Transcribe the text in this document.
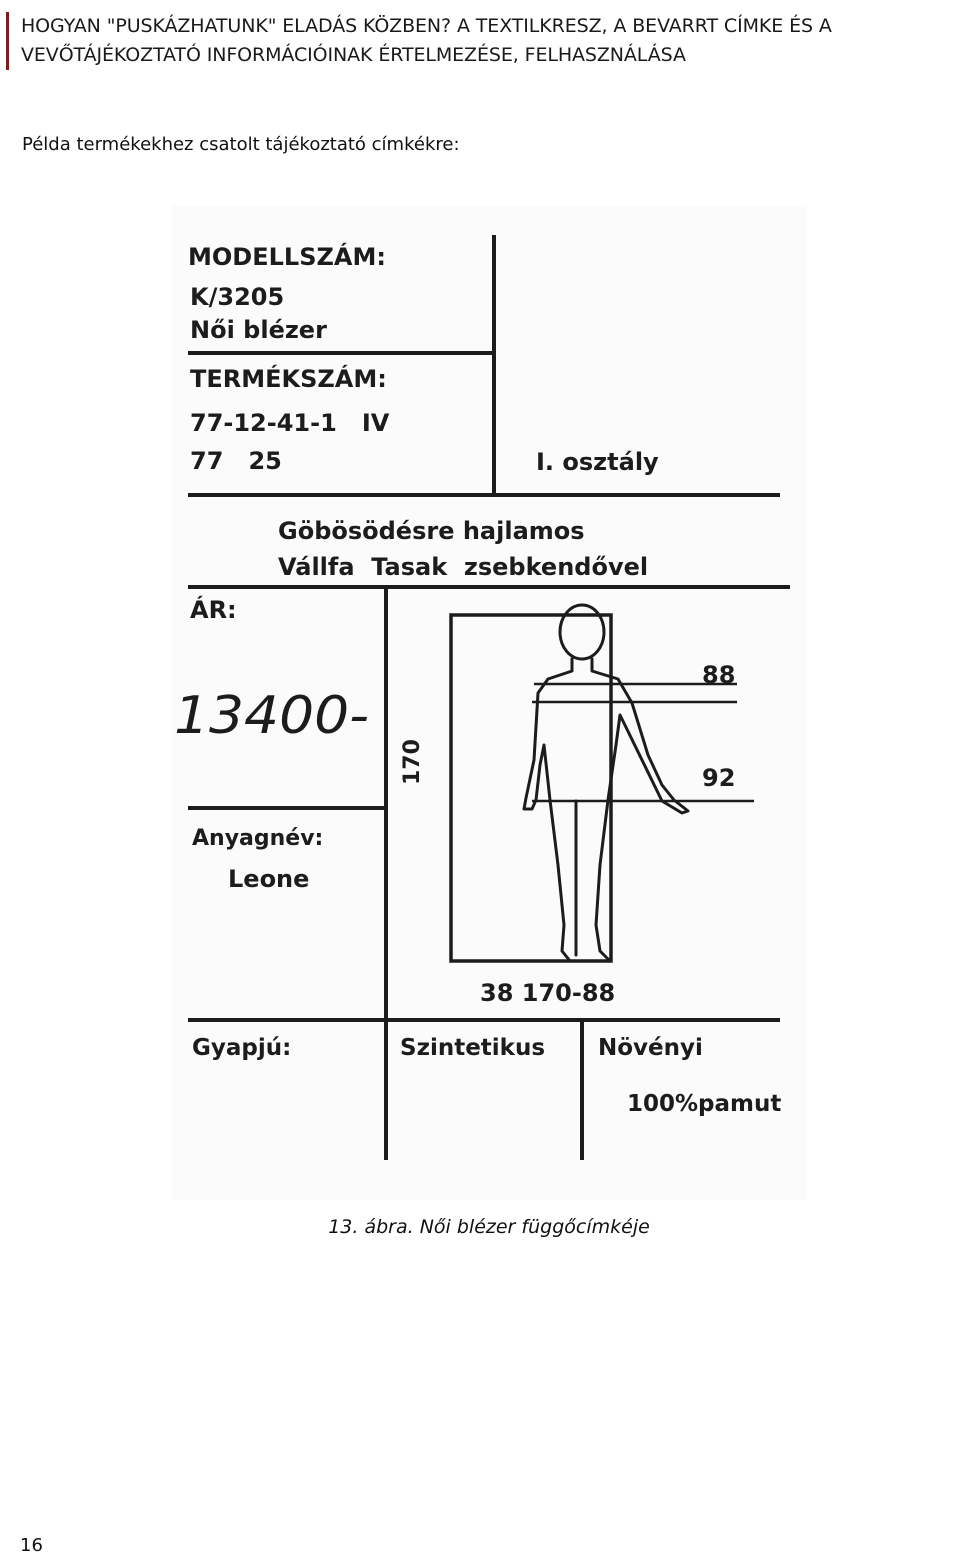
HOGYAN "PUSKÁZHATUNK" ELADÁS KÖZBEN? A TEXTILKRESZ, A BEVARRT CÍMKE ÉS A
VEVŐTÁJÉKOZTATÓ INFORMÁCIÓINAK ÉRTELMEZÉSE, FELHASZNÁLÁSA
Példa termékekhez csatolt tájékoztató címkékre:
MODELLSZÁM:
K/3205
Női blézer
TERMÉKSZÁM:
77-12-41-1   IV
77   25	I. osztály
Göbösödésre hajlamos
Vállfa  Tasak  zsebkendővel
ÁR:
13400-
Anyagnév:
Leone
170
88
92
38 170-88
Gyapjú:	Szintetikus Növényi
100%pamut
13. ábra. Női blézer függőcímkéje
16
